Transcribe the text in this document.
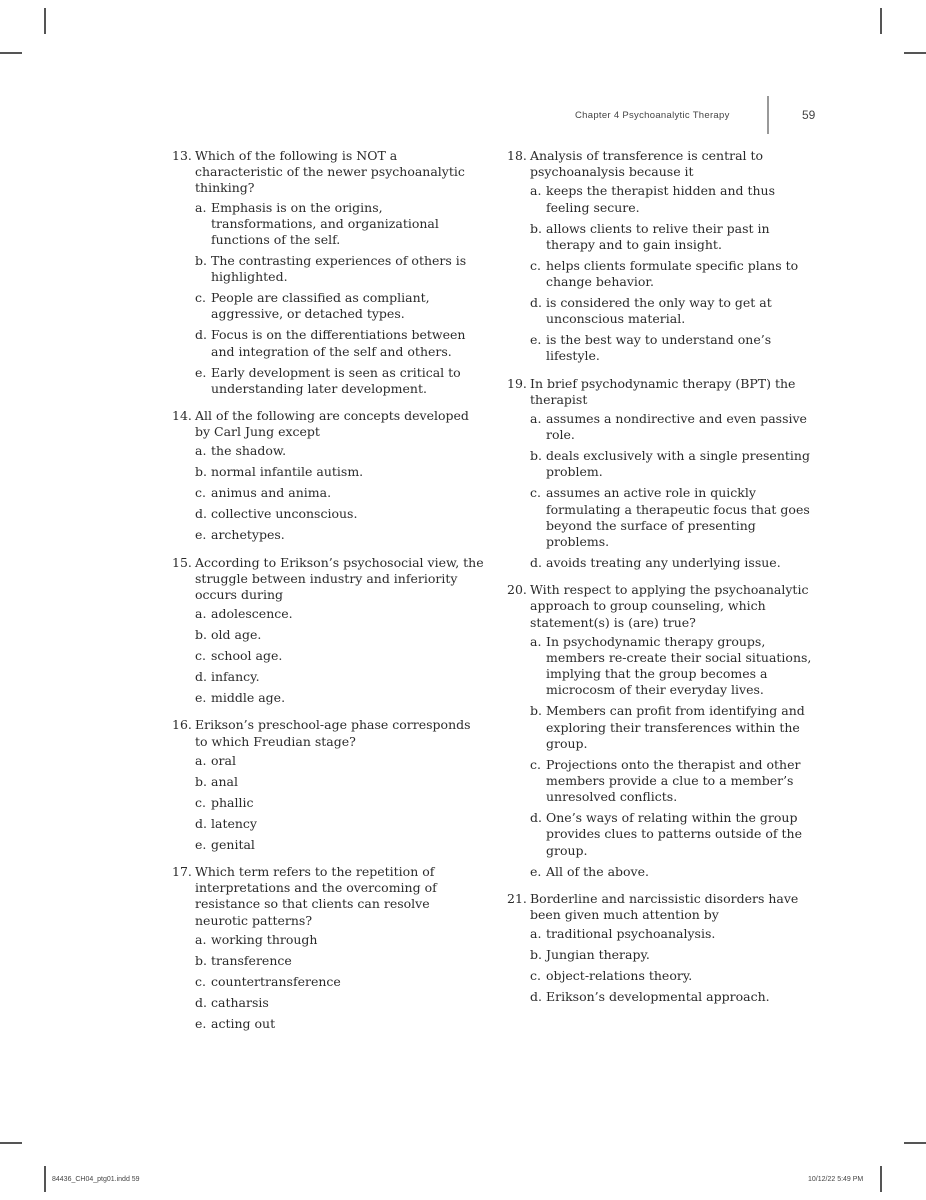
Chapter 4 Psychoanalytic Therapy	59
13. Which of the following is NOT a characteristic of the newer psychoanalytic thinking?
a. Emphasis is on the origins, transformations, and organizational functions of the self.
b. The contrasting experiences of others is highlighted.
c. People are classified as compliant, aggressive, or detached types.
d. Focus is on the differentiations between and integration of the self and others.
e. Early development is seen as critical to understanding later development.
14. All of the following are concepts developed by Carl Jung except
a. the shadow.
b. normal infantile autism.
c. animus and anima.
d. collective unconscious.
e. archetypes.
15. According to Erikson’s psychosocial view, the struggle between industry and inferiority occurs during
a. adolescence.
b. old age.
c. school age.
d. infancy.
e. middle age.
16. Erikson’s preschool-age phase corresponds to which Freudian stage?
a. oral
b. anal
c. phallic
d. latency
e. genital
17. Which term refers to the repetition of interpretations and the overcoming of resistance so that clients can resolve neurotic patterns?
a. working through
b. transference
c. countertransference
d. catharsis
e. acting out
18. Analysis of transference is central to psychoanalysis because it
a. keeps the therapist hidden and thus feeling secure.
b. allows clients to relive their past in therapy and to gain insight.
c. helps clients formulate specific plans to change behavior.
d. is considered the only way to get at unconscious material.
e. is the best way to understand one’s lifestyle.
19. In brief psychodynamic therapy (BPT) the therapist
a. assumes a nondirective and even passive role.
b. deals exclusively with a single presenting problem.
c. assumes an active role in quickly formulating a therapeutic focus that goes beyond the surface of presenting problems.
d. avoids treating any underlying issue.
20. With respect to applying the psychoanalytic approach to group counseling, which statement(s) is (are) true?
a. In psychodynamic therapy groups, members re-create their social situations, implying that the group becomes a microcosm of their everyday lives.
b. Members can profit from identifying and exploring their transferences within the group.
c. Projections onto the therapist and other members provide a clue to a member’s unresolved conflicts.
d. One’s ways of relating within the group provides clues to patterns outside of the group.
e. All of the above.
21. Borderline and narcissistic disorders have been given much attention by
a. traditional psychoanalysis.
b. Jungian therapy.
c. object-relations theory.
d. Erikson’s developmental approach.
84436_CH04_ptg01.indd 59	10/12/22 5:49 PM
